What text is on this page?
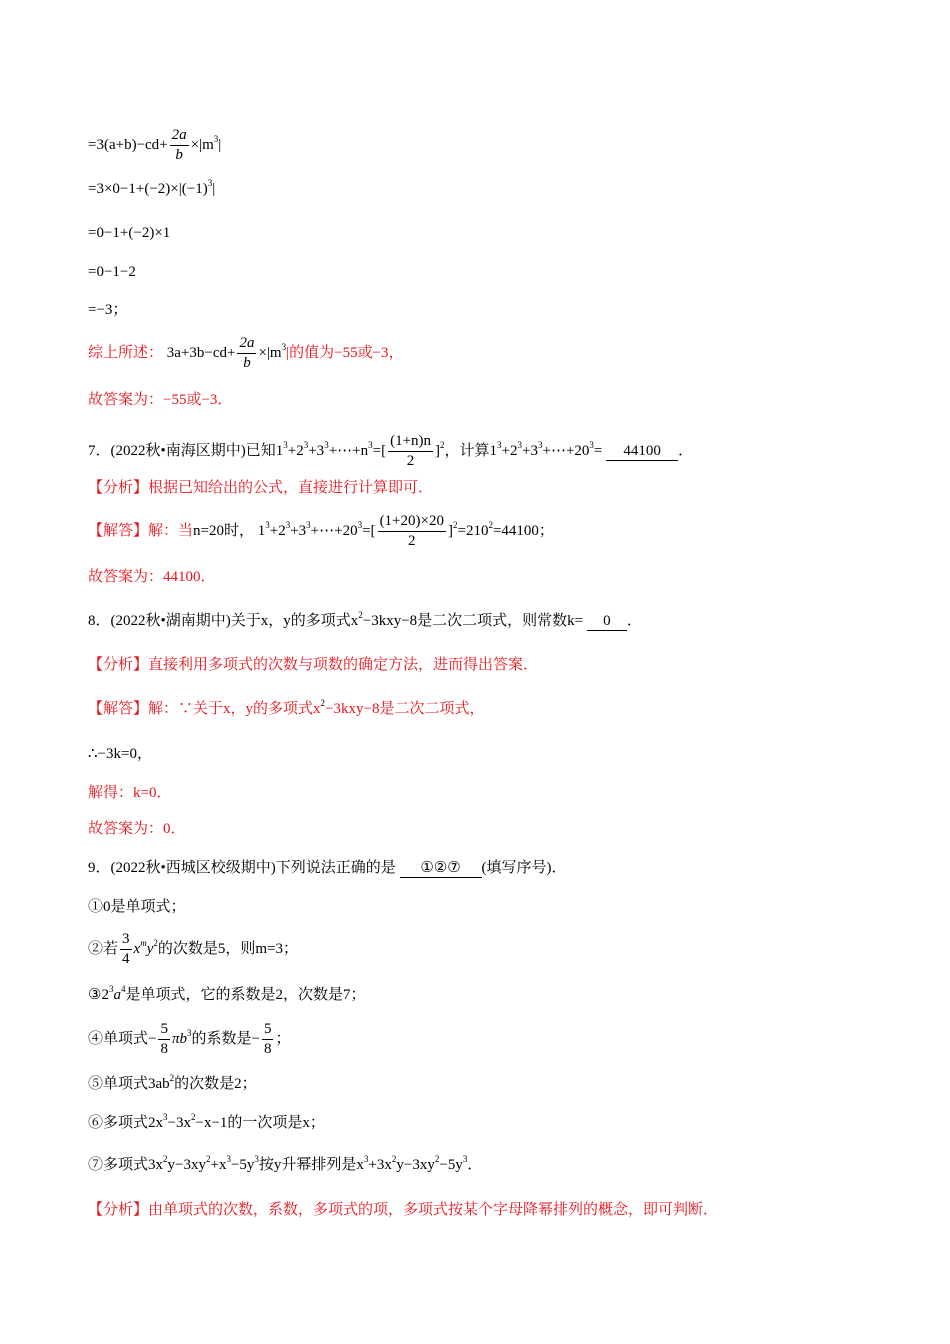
$=3(a+b)-cd+ \frac{2a}{b} \times|m^3|$
$=3\times 0-1+(-2)\times|(-1)^3|$
=0−1+(−2)×1
=0−1−2
=−3；
综上所述： $3a+3b-cd+ \frac{2a}{b} \times|m^3|$的值为−55或−3，
故答案为：−55或−3．
7．(2022秋•南海区期中)已知$1^3+2^3+3^3+\cdots+n^3=[ \frac{(1+n)n}{2} ]^2$，计算$1^3+2^3+3^3+\cdots+20^3= 44100$ ．
【分析】根据已知给出的公式，直接进行计算即可．
【解答】解：当n=20时， $1^3+2^3+3^3+\cdots+20^3=[ \frac{(1+20)\times 20}{2} ]^2=210^2=44100$；
故答案为：44100．
8．(2022秋•湖南期中)关于x，y的多项式$x^2-3kxy-8$是二次二项式，则常数k= 0 ．
【分析】直接利用多项式的次数与项数的确定方法，进而得出答案．
【解答】解：∵关于x，y的多项式$x^2-3kxy-8$是二次二项式，
∴−3k=0，
解得：k=0．
故答案为：0．
9．(2022秋•西城区校级期中)下列说法正确的是 ①②⑦ (填写序号)．
①0是单项式；
②若 $\frac{3}{4} x^my^2$的次数是5，则m=3；
$③2^3a^4$是单项式，它的系数是2，次数是7；
④单项式− $\frac{5}{8} \pi b^3$的系数是− $\frac{5}{8}$ ；
⑤单项式$3ab^2$的次数是2；
⑥多项式$2x^3-3x^2-x-1$的一次项是x；
⑦多项式$3x^2y-3xy^2+x^3-5y^3$按y升幂排列是$x^3+3x^2y-3xy^2-5y^3$．
【分析】由单项式的次数，系数，多项式的项，多项式按某个字母降幂排列的概念，即可判断．
